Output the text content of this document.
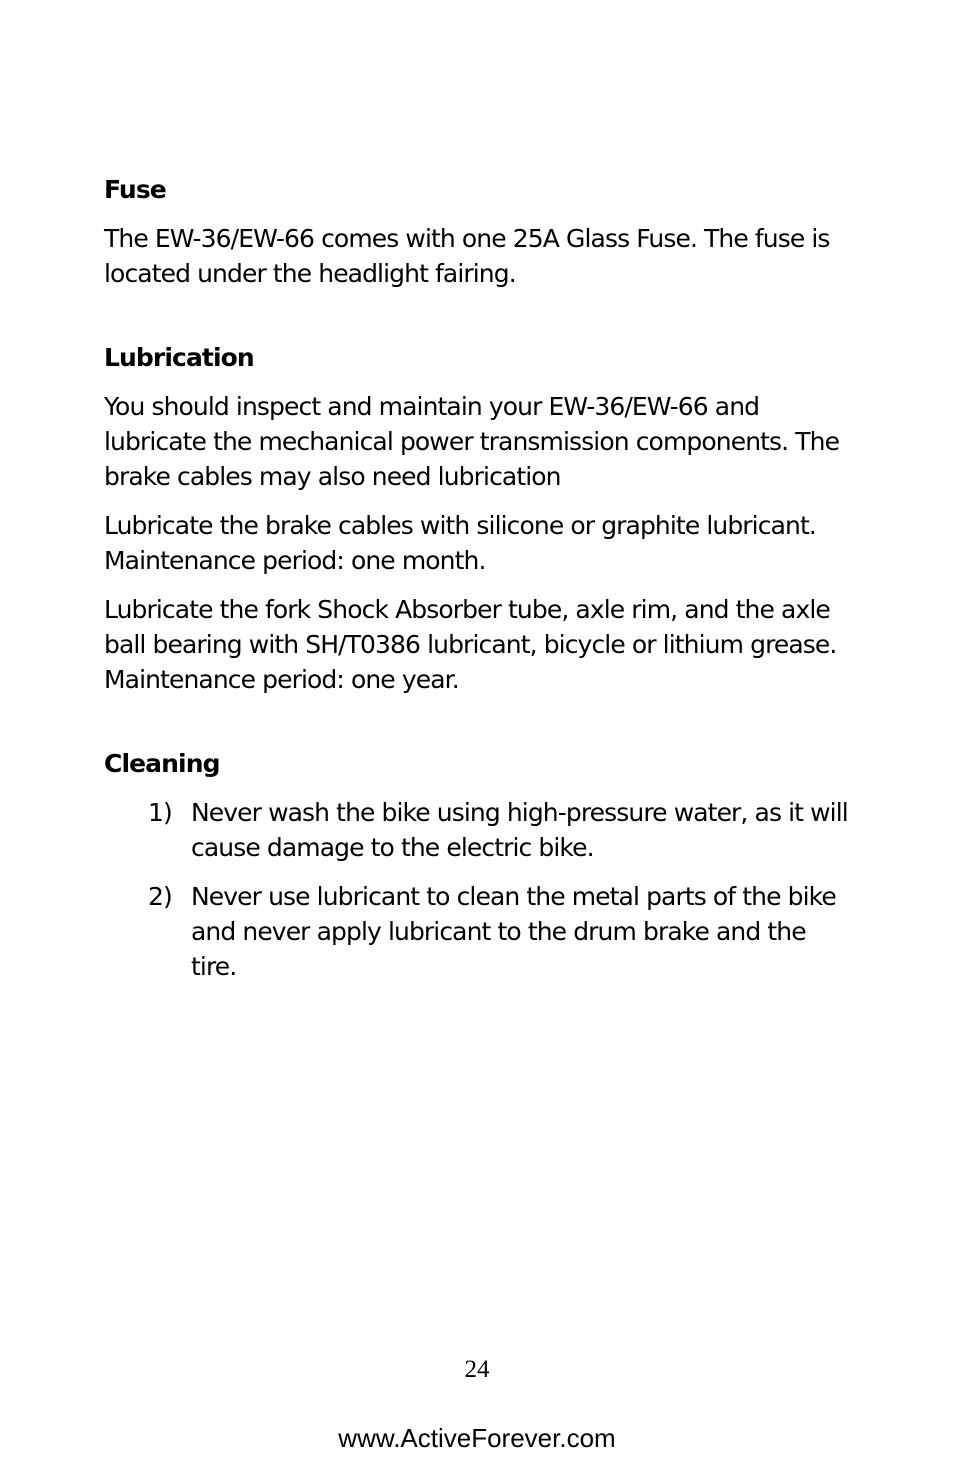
Fuse
The EW-36/EW-66 comes with one 25A Glass Fuse. The fuse is located under the headlight fairing.
Lubrication
You should inspect and maintain your EW-36/EW-66 and lubricate the mechanical power transmission components. The brake cables may also need lubrication
Lubricate the brake cables with silicone or graphite lubricant. Maintenance period: one month.
Lubricate the fork Shock Absorber tube, axle rim, and the axle ball bearing with SH/T0386 lubricant, bicycle or lithium grease. Maintenance period: one year.
Cleaning
1) Never wash the bike using high-pressure water, as it will cause damage to the electric bike.
2) Never use lubricant to clean the metal parts of the bike and never apply lubricant to the drum brake and the tire.
24
www.ActiveForever.com
